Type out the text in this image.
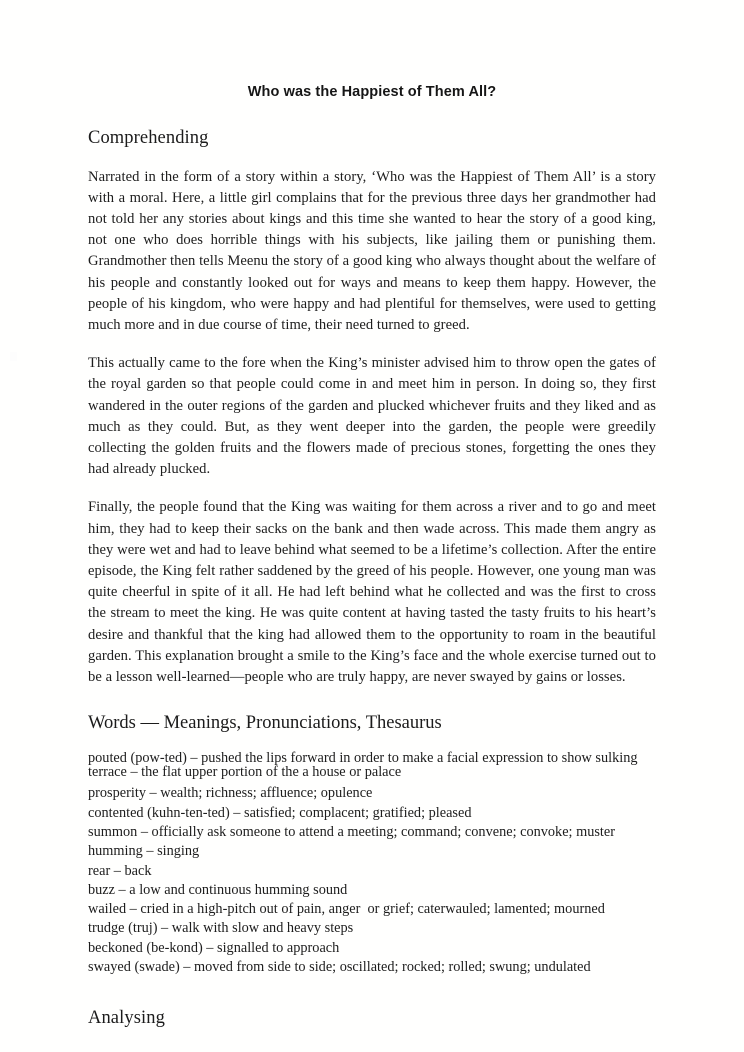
Who was the Happiest of Them All?
Comprehending

Narrated in the form of a story within a story, ‘Who was the Happiest of Them All’ is a story with a moral. Here, a little girl complains that for the previous three days her grandmother had not told her any stories about kings and this time she wanted to hear the story of a good king, not one who does horrible things with his subjects, like jailing them or punishing them. Grandmother then tells Meenu the story of a good king who always thought about the welfare of his people and constantly looked out for ways and means to keep them happy. However, the people of his kingdom, who were happy and had plentiful for themselves, were used to getting much more and in due course of time, their need turned to greed.

This actually came to the fore when the King’s minister advised him to throw open the gates of the royal garden so that people could come in and meet him in person. In doing so, they first wandered in the outer regions of the garden and plucked whichever fruits and they liked and as much as they could. But, as they went deeper into the garden, the people were greedily collecting the golden fruits and the flowers made of precious stones, forgetting the ones they had already plucked.

Finally, the people found that the King was waiting for them across a river and to go and meet him, they had to keep their sacks on the bank and then wade across. This made them angry as they were wet and had to leave behind what seemed to be a lifetime’s collection. After the entire episode, the King felt rather saddened by the greed of his people. However, one young man was quite cheerful in spite of it all. He had left behind what he collected and was the first to cross the stream to meet the king. He was quite content at having tasted the tasty fruits to his heart’s desire and thankful that the king had allowed them to the opportunity to roam in the beautiful garden. This explanation brought a smile to the King’s face and the whole exercise turned out to be a lesson well-learned—people who are truly happy, are never swayed by gains or losses.

Words — Meanings, Pronunciations, Thesaurus
pouted (pow-ted) – pushed the lips forward in order to make a facial expression to show sulking
terrace – the flat upper portion of the a house or palace
prosperity – wealth; richness; affluence; opulence
contented (kuhn-ten-ted) – satisfied; complacent; gratified; pleased
summon – officially ask someone to attend a meeting; command; convene; convoke; muster
humming – singing
rear – back
buzz – a low and continuous humming sound
wailed – cried in a high-pitch out of pain, anger  or grief; caterwauled; lamented; mourned
trudge (truj) – walk with slow and heavy steps
beckoned (be-kond) – signalled to approach
swayed (swade) – moved from side to side; oscillated; rocked; rolled; swung; undulated
Analysing
